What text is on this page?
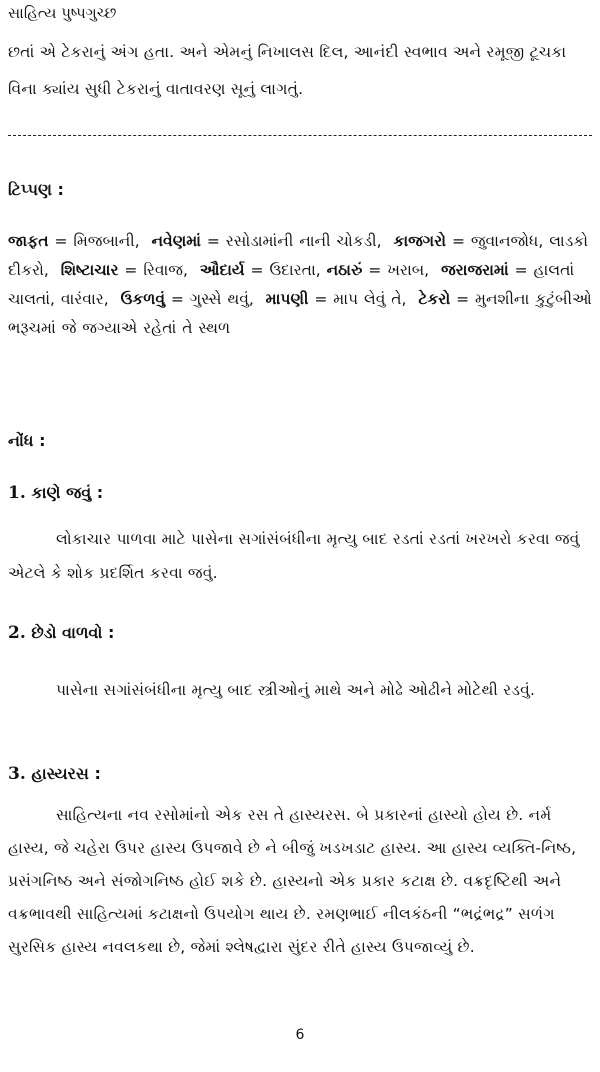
સાહિત્ય પુષ્પગુચ્છ
છતાં એ ટેકરાનું અંગ હતા. અને એમનું નિખાલસ દિલ, આનંદી સ્વભાવ અને રમૂજી ટૂચકા વિના ક્યાંય સુધી ટેકરાનું વાતાવરણ સૂનું લાગતું.
ટિપ્પણ :
જાફત = મિજબાની, નવેણમાં = રસોડામાંની નાની ચોકડી, કાજગરો = જુવાનજોધ, લાડકો દીકરો, શિષ્ટાચાર = રિવાજ, ઔદાર્ય = ઉદારતા, નઠારું = ખરાબ, જરાજરામાં = હાલતાં ચાલતાં, વારંવાર, ઉકળવું = ગુસ્સે થવું, માપણી = માપ લેવું તે, ટેકરો = મુનશીના કુટુંબીઓ ભરૂચમાં જે જગ્યાએ રહેતાં તે સ્થળ
નોંધ :
1. કાણે જવું :
લોકાચાર પાળવા માટે પાસેના સગાંસંબંધીના મૃત્યુ બાદ રડતાં રડતાં ખરખરો કરવા જવું એટલે કે શોક પ્રદર્શિત કરવા જવું.
2. છેડો વાળવો :
પાસેના સગાંસંબંધીના મૃત્યુ બાદ સ્ત્રીઓનું માથે અને મોઢે ઓઢીને મોટેથી રડવું.
3. હાસ્યરસ :
સાહિત્યના નવ રસોમાંનો એક રસ તે હાસ્યરસ. બે પ્રકારનાં હાસ્યો હોય છે. નર્મ હાસ્ય, જે ચહેરા ઉપર હાસ્ય ઉપજાવે છે ને બીજું ખડખડાટ હાસ્ય. આ હાસ્ય વ્યક્તિ-નિષ્ઠ, પ્રસંગનિષ્ઠ અને સંજોગનિષ્ઠ હોઈ શકે છે. હાસ્યનો એક પ્રકાર કટાક્ષ છે. વક્રદૃષ્ટિથી અને વક્રભાવથી સાહિત્યમાં કટાક્ષનો ઉપયોગ થાય છે. રમણભાઈ નીલકંઠની “ભદ્રંભદ્ર” સળંગ સુરસિક હાસ્ય નવલકથા છે, જેમાં શ્લેષદ્વારા સુંદર રીતે હાસ્ય ઉપજાવ્યું છે.
6
